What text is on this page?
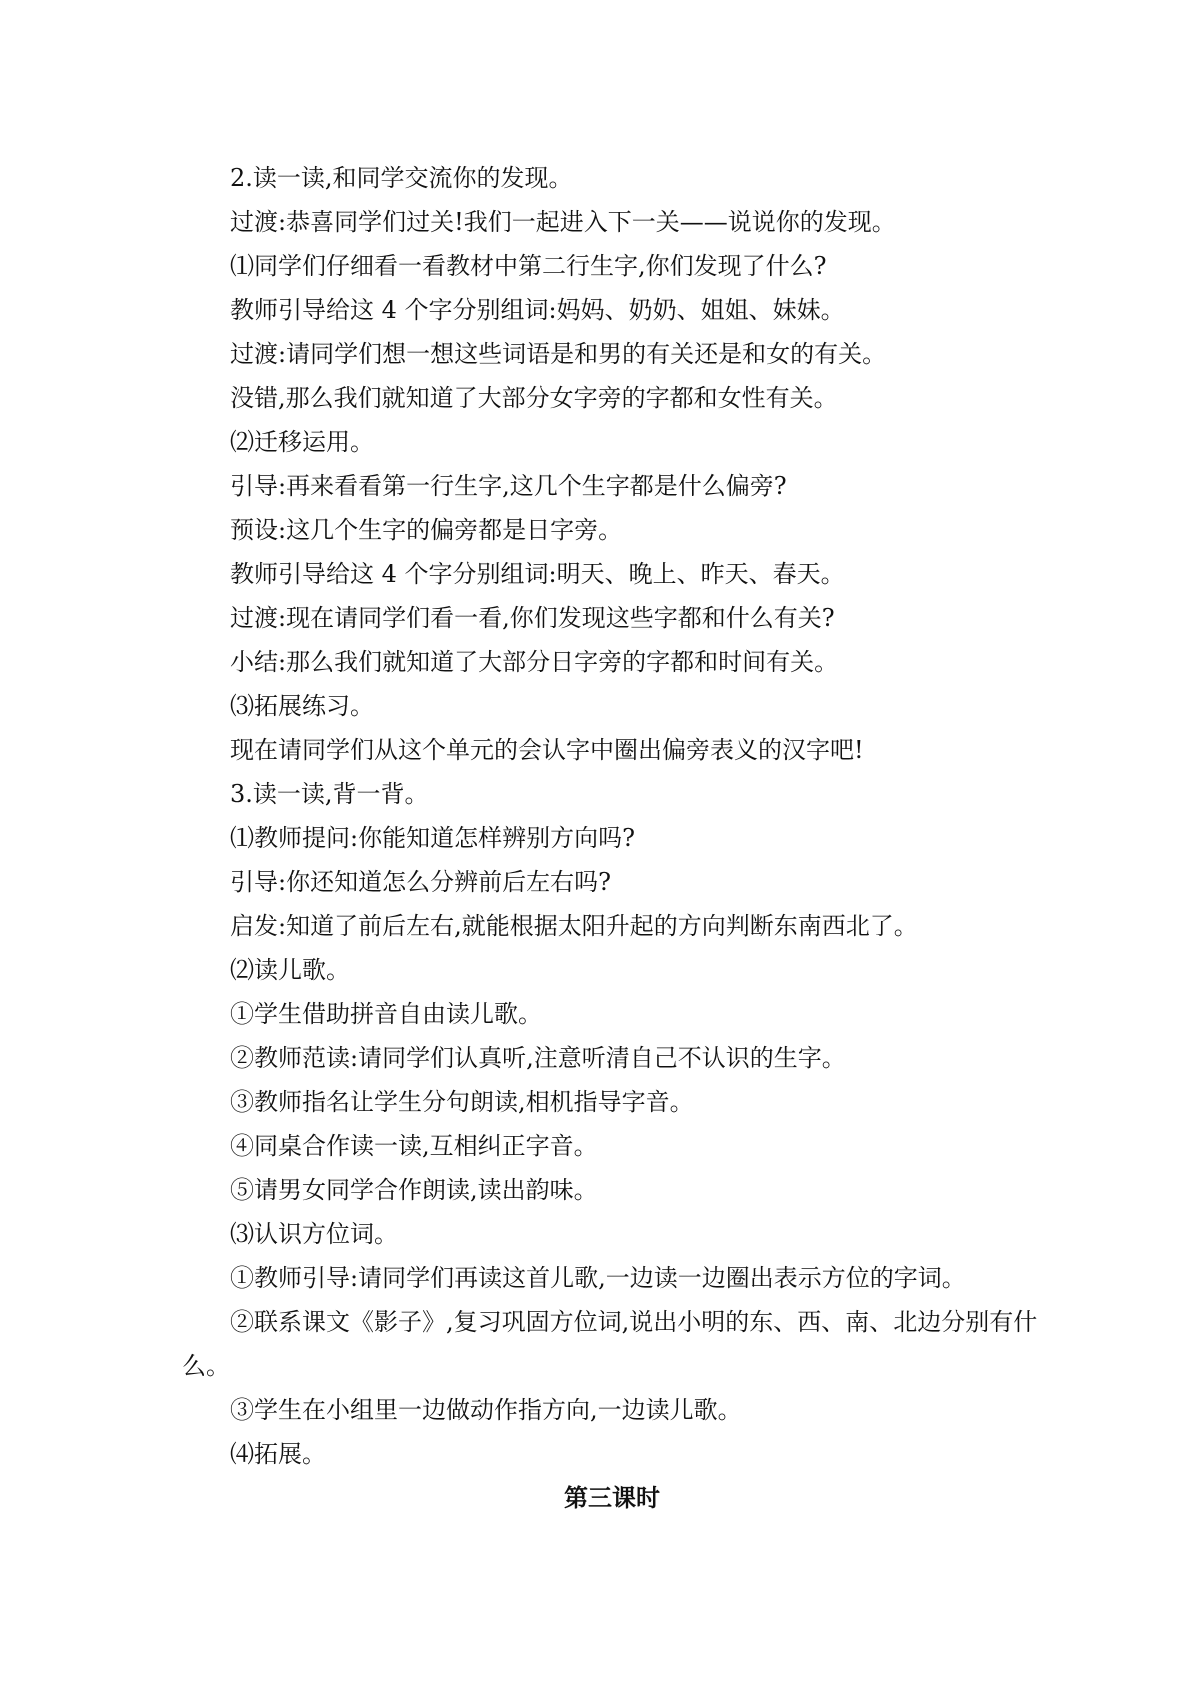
2.读一读,和同学交流你的发现。

过渡:恭喜同学们过关!我们一起进入下一关——说说你的发现。

⑴同学们仔细看一看教材中第二行生字,你们发现了什么?

教师引导给这 4 个字分别组词:妈妈、奶奶、姐姐、妹妹。

过渡:请同学们想一想这些词语是和男的有关还是和女的有关。

没错,那么我们就知道了大部分女字旁的字都和女性有关。

⑵迁移运用。

引导:再来看看第一行生字,这几个生字都是什么偏旁?

预设:这几个生字的偏旁都是日字旁。

教师引导给这 4 个字分别组词:明天、晚上、昨天、春天。

过渡:现在请同学们看一看,你们发现这些字都和什么有关?

小结:那么我们就知道了大部分日字旁的字都和时间有关。

⑶拓展练习。

现在请同学们从这个单元的会认字中圈出偏旁表义的汉字吧!

3.读一读,背一背。

⑴教师提问:你能知道怎样辨别方向吗?

引导:你还知道怎么分辨前后左右吗?

启发:知道了前后左右,就能根据太阳升起的方向判断东南西北了。

⑵读儿歌。

①学生借助拼音自由读儿歌。

②教师范读:请同学们认真听,注意听清自己不认识的生字。

③教师指名让学生分句朗读,相机指导字音。

④同桌合作读一读,互相纠正字音。

⑤请男女同学合作朗读,读出韵味。

⑶认识方位词。

①教师引导:请同学们再读这首儿歌,一边读一边圈出表示方位的字词。

②联系课文《影子》,复习巩固方位词,说出小明的东、西、南、北边分别有什么。

③学生在小组里一边做动作指方向,一边读儿歌。

⑷拓展。

第三课时
